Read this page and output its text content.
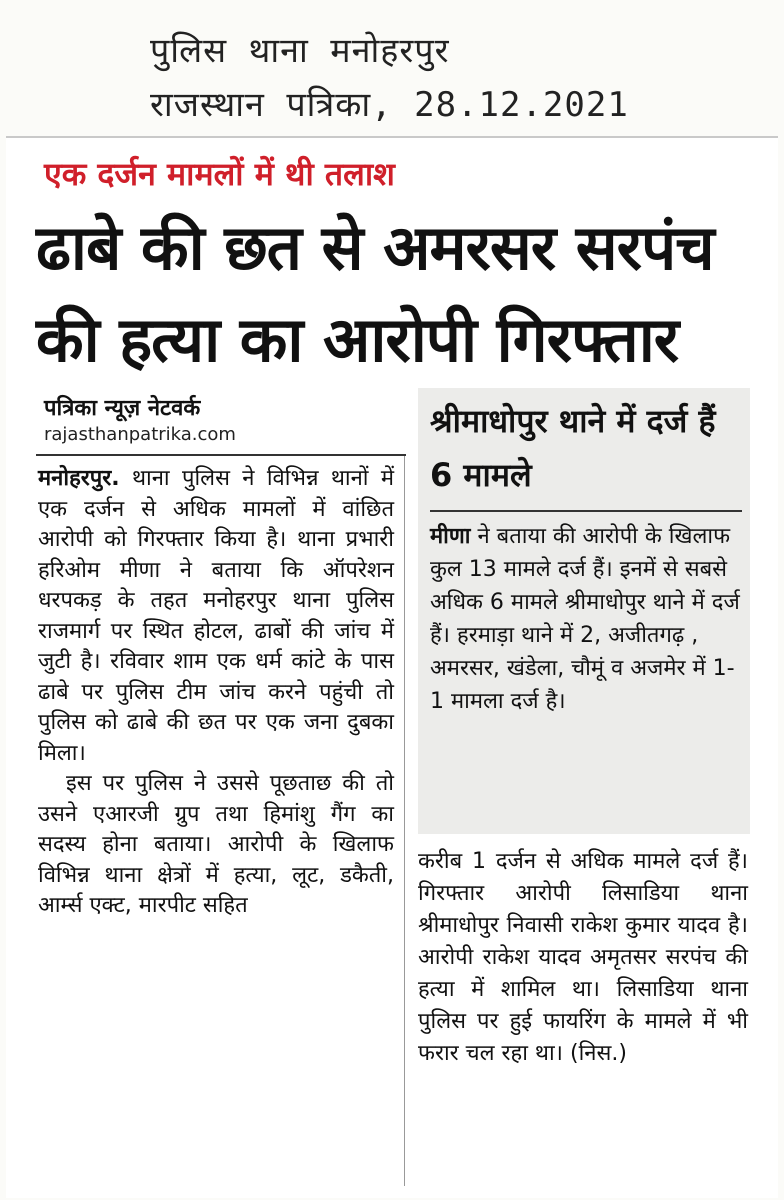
पुलिस थाना मनोहरपुर
राजस्थान पत्रिका, 28.12.2021
एक दर्जन मामलों में थी तलाश
ढाबे की छत से अमरसर सरपंच की हत्या का आरोपी गिरफ्तार
पत्रिका न्यूज़ नेटवर्क
rajasthanpatrika.com

मनोहरपुर. थाना पुलिस ने विभिन्न थानों में एक दर्जन से अधिक मामलों में वांछित आरोपी को गिरफ्तार किया है। थाना प्रभारी हरिओम मीणा ने बताया कि ऑपरेशन धरपकड़ के तहत मनोहरपुर थाना पुलिस राजमार्ग पर स्थित होटल, ढाबों की जांच में जुटी है। रविवार शाम एक धर्म कांटे के पास ढाबे पर पुलिस टीम जांच करने पहुंची तो पुलिस को ढाबे की छत पर एक जना दुबका मिला।

इस पर पुलिस ने उससे पूछताछ की तो उसने एआरजी ग्रुप तथा हिमांशु गैंग का सदस्य होना बताया। आरोपी के खिलाफ विभिन्न थाना क्षेत्रों में हत्या, लूट, डकैती, आर्म्स एक्ट, मारपीट सहित

श्रीमाधोपुर थाने में दर्ज हैं 6 मामले
मीणा ने बताया की आरोपी के खिलाफ कुल 13 मामले दर्ज हैं। इनमें से सबसे अधिक 6 मामले श्रीमाधोपुर थाने में दर्ज हैं। हरमाड़ा थाने में 2, अजीतगढ़ , अमरसर, खंडेला, चौमूं व अजमेर में 1-1 मामला दर्ज है।

करीब 1 दर्जन से अधिक मामले दर्ज हैं। गिरफ्तार आरोपी लिसाडिया थाना श्रीमाधोपुर निवासी राकेश कुमार यादव है। आरोपी राकेश यादव अमृतसर सरपंच की हत्या में शामिल था। लिसाडिया थाना पुलिस पर हुई फायरिंग के मामले में भी फरार चल रहा था। (निस.)
